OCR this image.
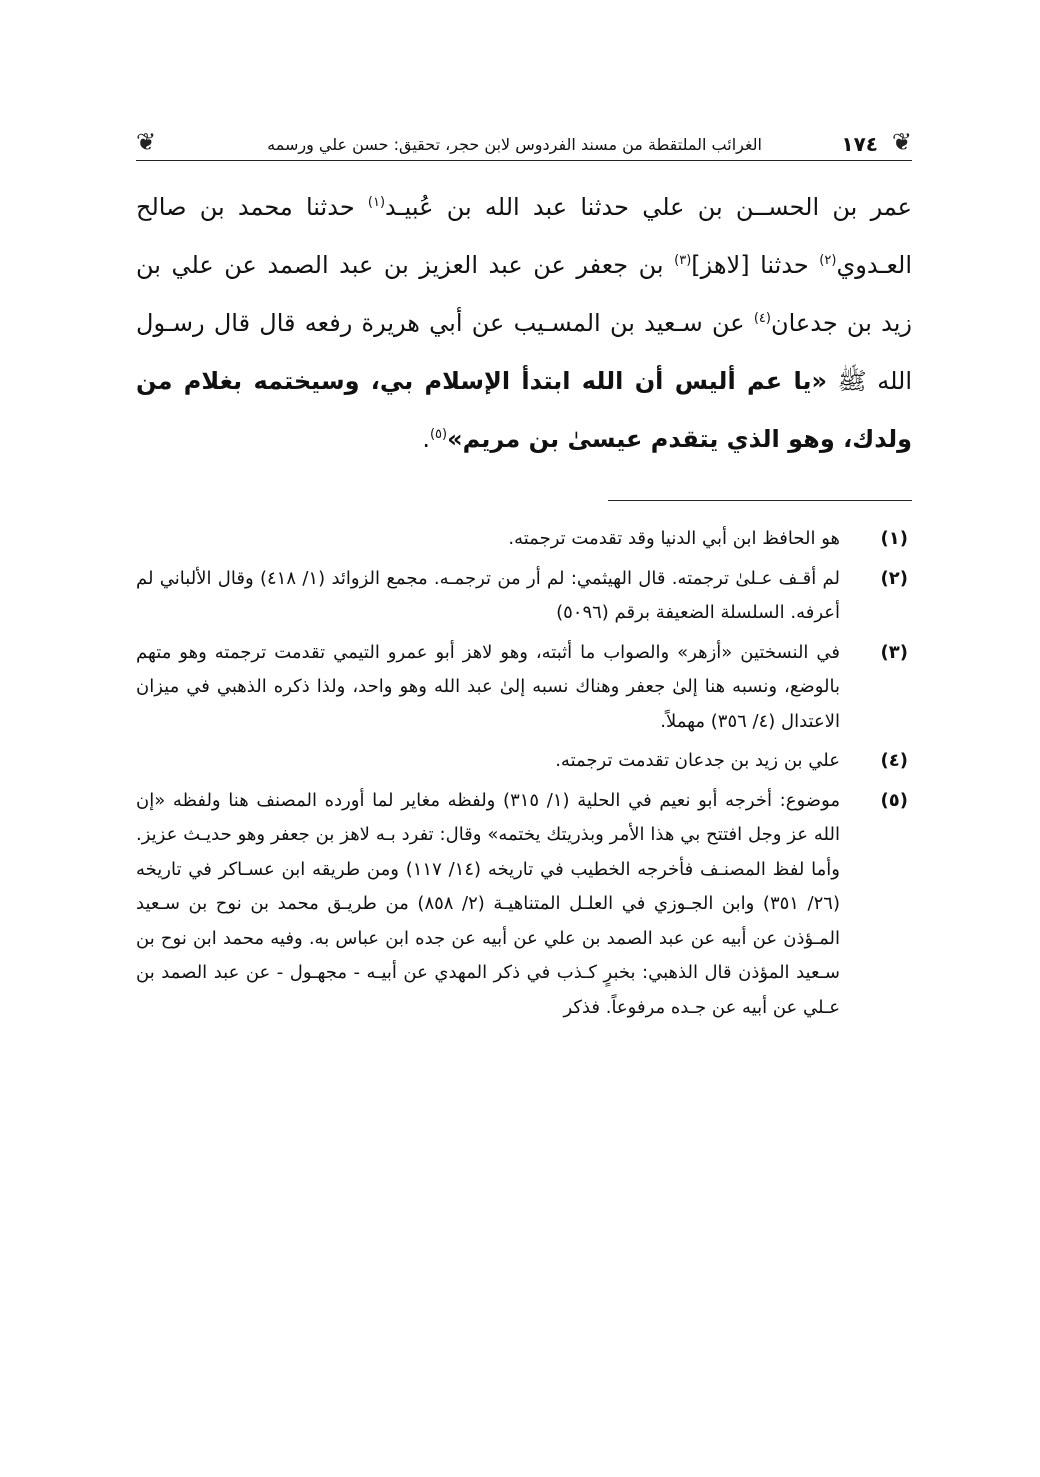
❦
١٧٤
الغرائب الملتقطة من مسند الفردوس لابن حجر، تحقيق: حسن علي ورسمه
❦
عمر بن الحســن بن علي حدثنا عبد الله بن عُبيـد$^{(١)}$ حدثنا محمد بن صالح العـدوي$^{(٢)}$ حدثنا [لاهز]$^{(٣)}$ بن جعفر عن عبد العزيز بن عبد الصمد عن علي بن زيد بن جدعان$^{(٤)}$ عن سـعيد بن المسـيب عن أبي هريرة رفعه قال قال رسـول الله ﷺ «يا عم أليس أن الله ابتدأ الإسلام بي، وسيختمه بغلام من ولدك، وهو الذي يتقدم عيسىٰ بن مريم»$^{(٥)}$.
(١)
هو الحافظ ابن أبي الدنيا وقد تقدمت ترجمته.
(٢)
لم أقـف عـلىٰ ترجمته. قال الهيثمي: لم أر من ترجمـه. مجمع الزوائد (١/ ٤١٨) وقال الألباني لم أعرفه. السلسلة الضعيفة برقم (٥٠٩٦)
(٣)
في النسختين «أزهر» والصواب ما أثبته، وهو لاهز أبو عمرو التيمي تقدمت ترجمته وهو متهم بالوضع، ونسبه هنا إلىٰ جعفر وهناك نسبه إلىٰ عبد الله وهو واحد، ولذا ذكره الذهبي في ميزان الاعتدال (٤/ ٣٥٦) مهملاً.
(٤)
علي بن زيد بن جدعان تقدمت ترجمته.
(٥)
موضوع: أخرجه أبو نعيم في الحلية (١/ ٣١٥) ولفظه مغاير لما أورده المصنف هنا ولفظه «إن الله عز وجل افتتح بي هذا الأمر وبذريتك يختمه» وقال: تفرد بـه لاهز بن جعفر وهو حديـث عزيز. وأما لفظ المصنـف فأخرجه الخطيب في تاريخه (١٤/ ١١٧) ومن طريقه ابن عسـاكر في تاريخه (٢٦/ ٣٥١) وابن الجـوزي في العلـل المتناهيـة (٢/ ٨٥٨) من طريـق محمد بن نوح بن سـعيد المـؤذن عن أبيه عن عبد الصمد بن علي عن أبيه عن جده ابن عباس به. وفيه محمد ابن نوح بن سـعيد المؤذن قال الذهبي: بخبرٍ كـذب في ذكر المهدي عن أبيـه - مجهـول - عن عبد الصمد بن عـلي عن أبيه عن جـده مرفوعاً. فذكر
